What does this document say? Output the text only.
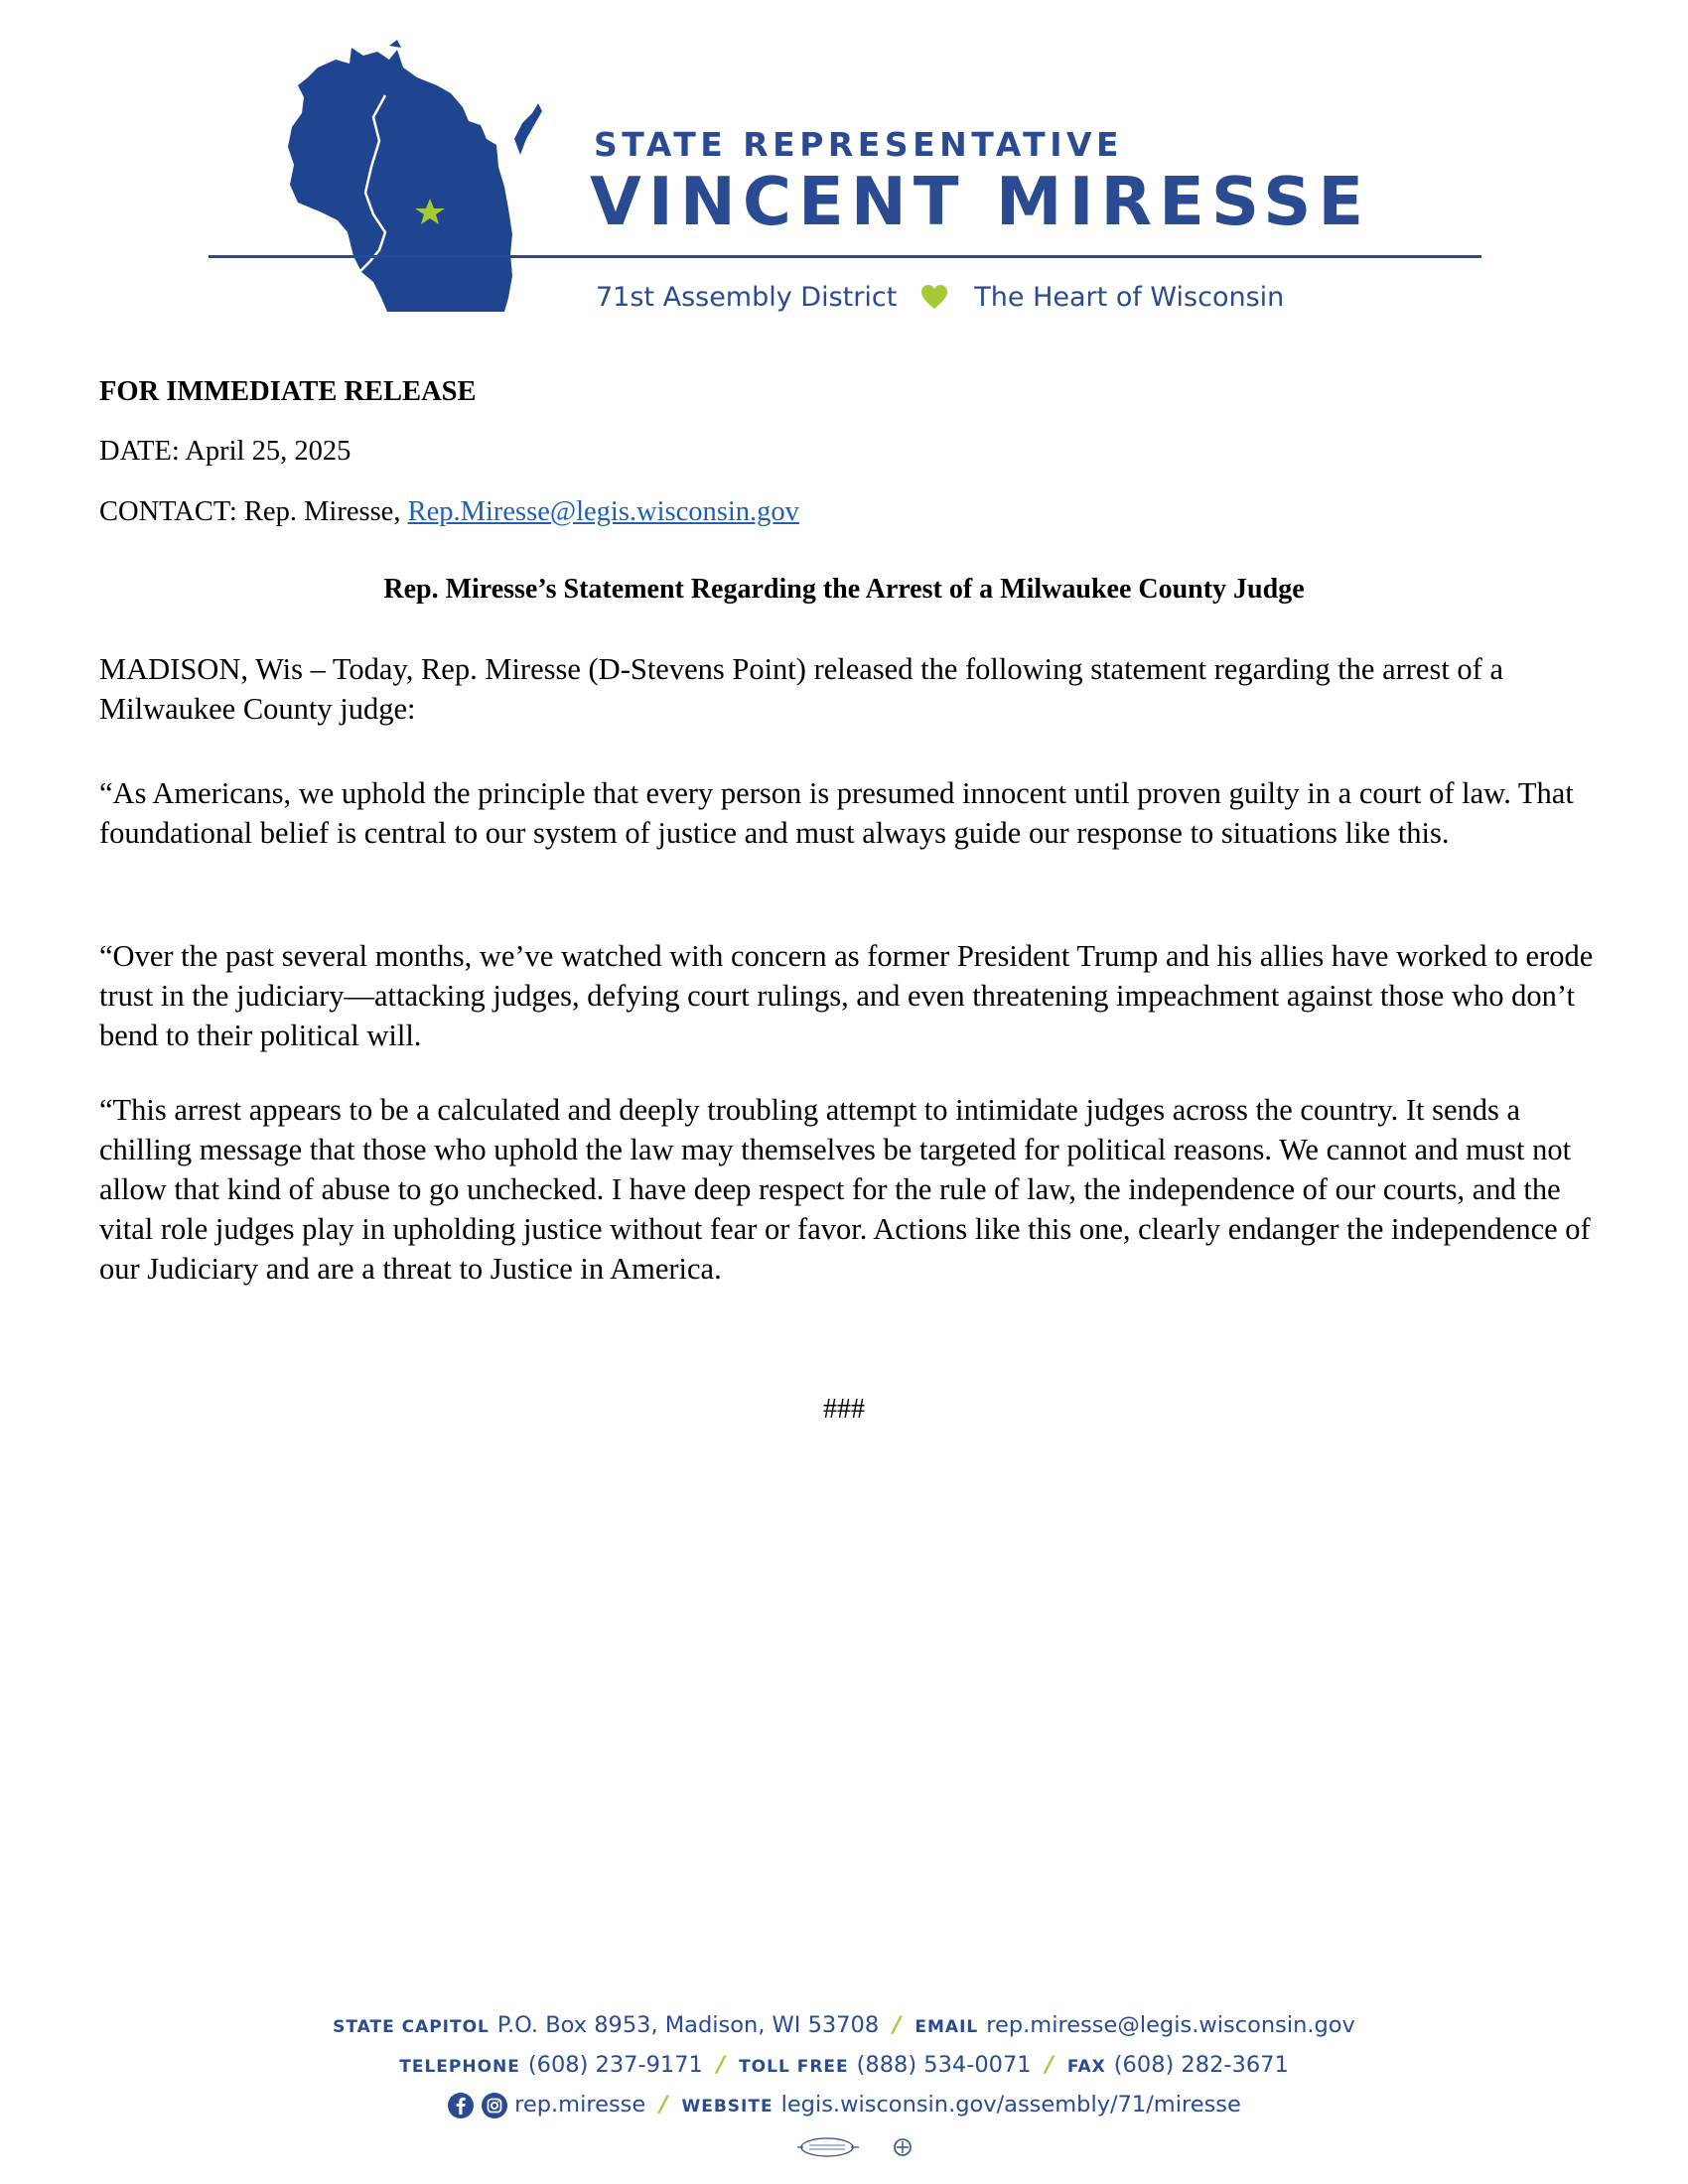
STATE REPRESENTATIVE
VINCENT MIRESSE
71st Assembly District	The Heart of Wisconsin
FOR IMMEDIATE RELEASE
DATE: April 25, 2025
CONTACT: Rep. Miresse, Rep.Miresse@legis.wisconsin.gov
Rep. Miresse’s Statement Regarding the Arrest of a Milwaukee County Judge
MADISON, Wis – Today, Rep. Miresse (D-Stevens Point) released the following statement regarding the arrest of a Milwaukee County judge:
“As Americans, we uphold the principle that every person is presumed innocent until proven guilty in a court of law. That foundational belief is central to our system of justice and must always guide our response to situations like this.
“Over the past several months, we’ve watched with concern as former President Trump and his allies have worked to erode trust in the judiciary—attacking judges, defying court rulings, and even threatening impeachment against those who don’t bend to their political will.
“This arrest appears to be a calculated and deeply troubling attempt to intimidate judges across the country. It sends a chilling message that those who uphold the law may themselves be targeted for political reasons. We cannot and must not allow that kind of abuse to go unchecked. I have deep respect for the rule of law, the independence of our courts, and the vital role judges play in upholding justice without fear or favor. Actions like this one, clearly endanger the independence of our Judiciary and are a threat to Justice in America.
###
STATE CAPITOL P.O. Box 8953, Madison, WI 53708 / EMAIL rep.miresse@legis.wisconsin.gov
TELEPHONE (608) 237-9171 / TOLL FREE (888) 534-0071 / FAX (608) 282-3671
rep.miresse / WEBSITE legis.wisconsin.gov/assembly/71/miresse
